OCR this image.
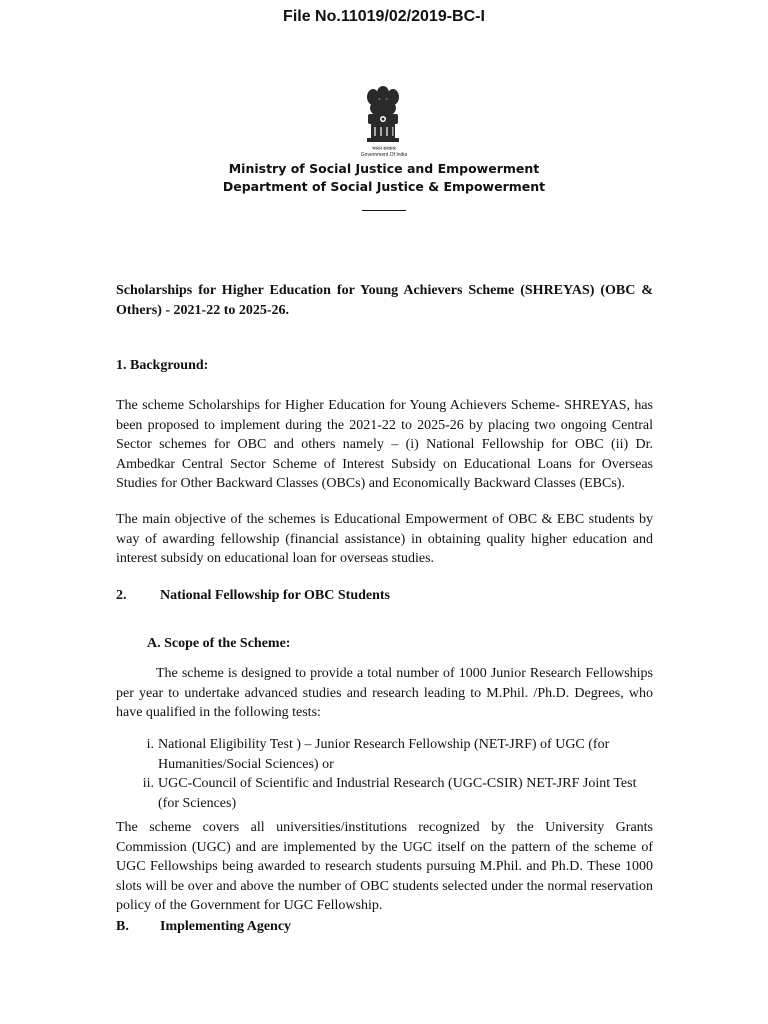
File No.11019/02/2019-BC-I
भारत सरकार
Government Of India
Ministry of Social Justice and Empowerment
Department of Social Justice & Empowerment
Scholarships for Higher Education for Young Achievers Scheme (SHREYAS) (OBC & Others) - 2021-22 to 2025-26.
1. Background:
The scheme Scholarships for Higher Education for Young Achievers Scheme- SHREYAS, has been proposed to implement during the 2021-22 to 2025-26 by placing two ongoing Central Sector schemes for OBC and others namely – (i) National Fellowship for OBC (ii) Dr. Ambedkar Central Sector Scheme of Interest Subsidy on Educational Loans for Overseas Studies for Other Backward Classes (OBCs) and Economically Backward Classes (EBCs).
The main objective of the schemes is Educational Empowerment of OBC & EBC students by way of awarding fellowship (financial assistance) in obtaining quality higher education and interest subsidy on educational loan for overseas studies.
2. National Fellowship for OBC Students
A. Scope of the Scheme:
The scheme is designed to provide a total number of 1000 Junior Research Fellowships per year to undertake advanced studies and research leading to M.Phil. /Ph.D. Degrees, who have qualified in the following tests:
i. National Eligibility Test ) – Junior Research Fellowship (NET-JRF) of UGC (for Humanities/Social Sciences) or
ii. UGC-Council of Scientific and Industrial Research (UGC-CSIR) NET-JRF Joint Test (for Sciences)
The scheme covers all universities/institutions recognized by the University Grants Commission (UGC) and are implemented by the UGC itself on the pattern of the scheme of UGC Fellowships being awarded to research students pursuing M.Phil. and Ph.D. These 1000 slots will be over and above the number of OBC students selected under the normal reservation policy of the Government for UGC Fellowship.
B. Implementing Agency
